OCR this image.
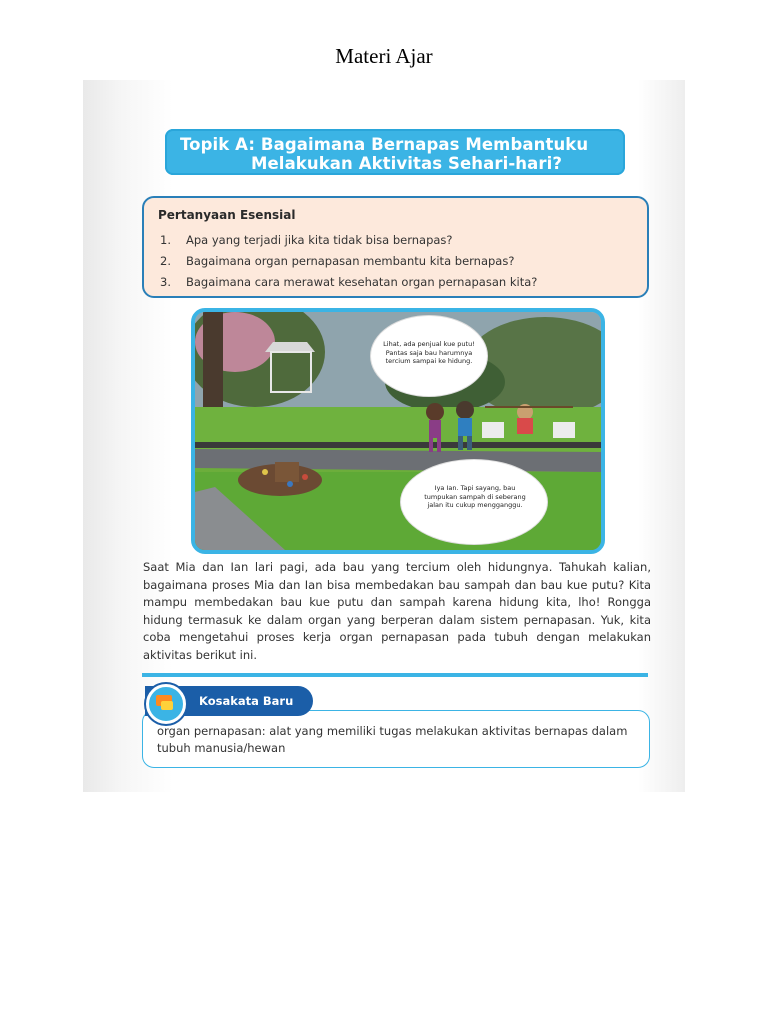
Materi Ajar
Topik A: Bagaimana Bernapas Membantuku
Melakukan Aktivitas Sehari-hari?
Pertanyaan Esensial
1. Apa yang terjadi jika kita tidak bisa bernapas?
2. Bagaimana organ pernapasan membantu kita bernapas?
3. Bagaimana cara merawat kesehatan organ pernapasan kita?
Lihat, ada penjual kue putu! Pantas saja bau harumnya tercium sampai ke hidung.
Iya Ian. Tapi sayang, bau tumpukan sampah di seberang jalan itu cukup mengganggu.
Saat Mia dan Ian lari pagi, ada bau yang tercium oleh hidungnya. Tahukah kalian, bagaimana proses Mia dan Ian bisa membedakan bau sampah dan bau kue putu? Kita mampu membedakan bau kue putu dan sampah karena hidung kita, lho! Rongga hidung termasuk ke dalam organ yang berperan dalam sistem pernapasan. Yuk, kita coba mengetahui proses kerja organ pernapasan pada tubuh dengan melakukan aktivitas berikut ini.
organ pernapasan: alat yang memiliki tugas melakukan aktivitas bernapas dalam tubuh manusia/hewan
Kosakata Baru
